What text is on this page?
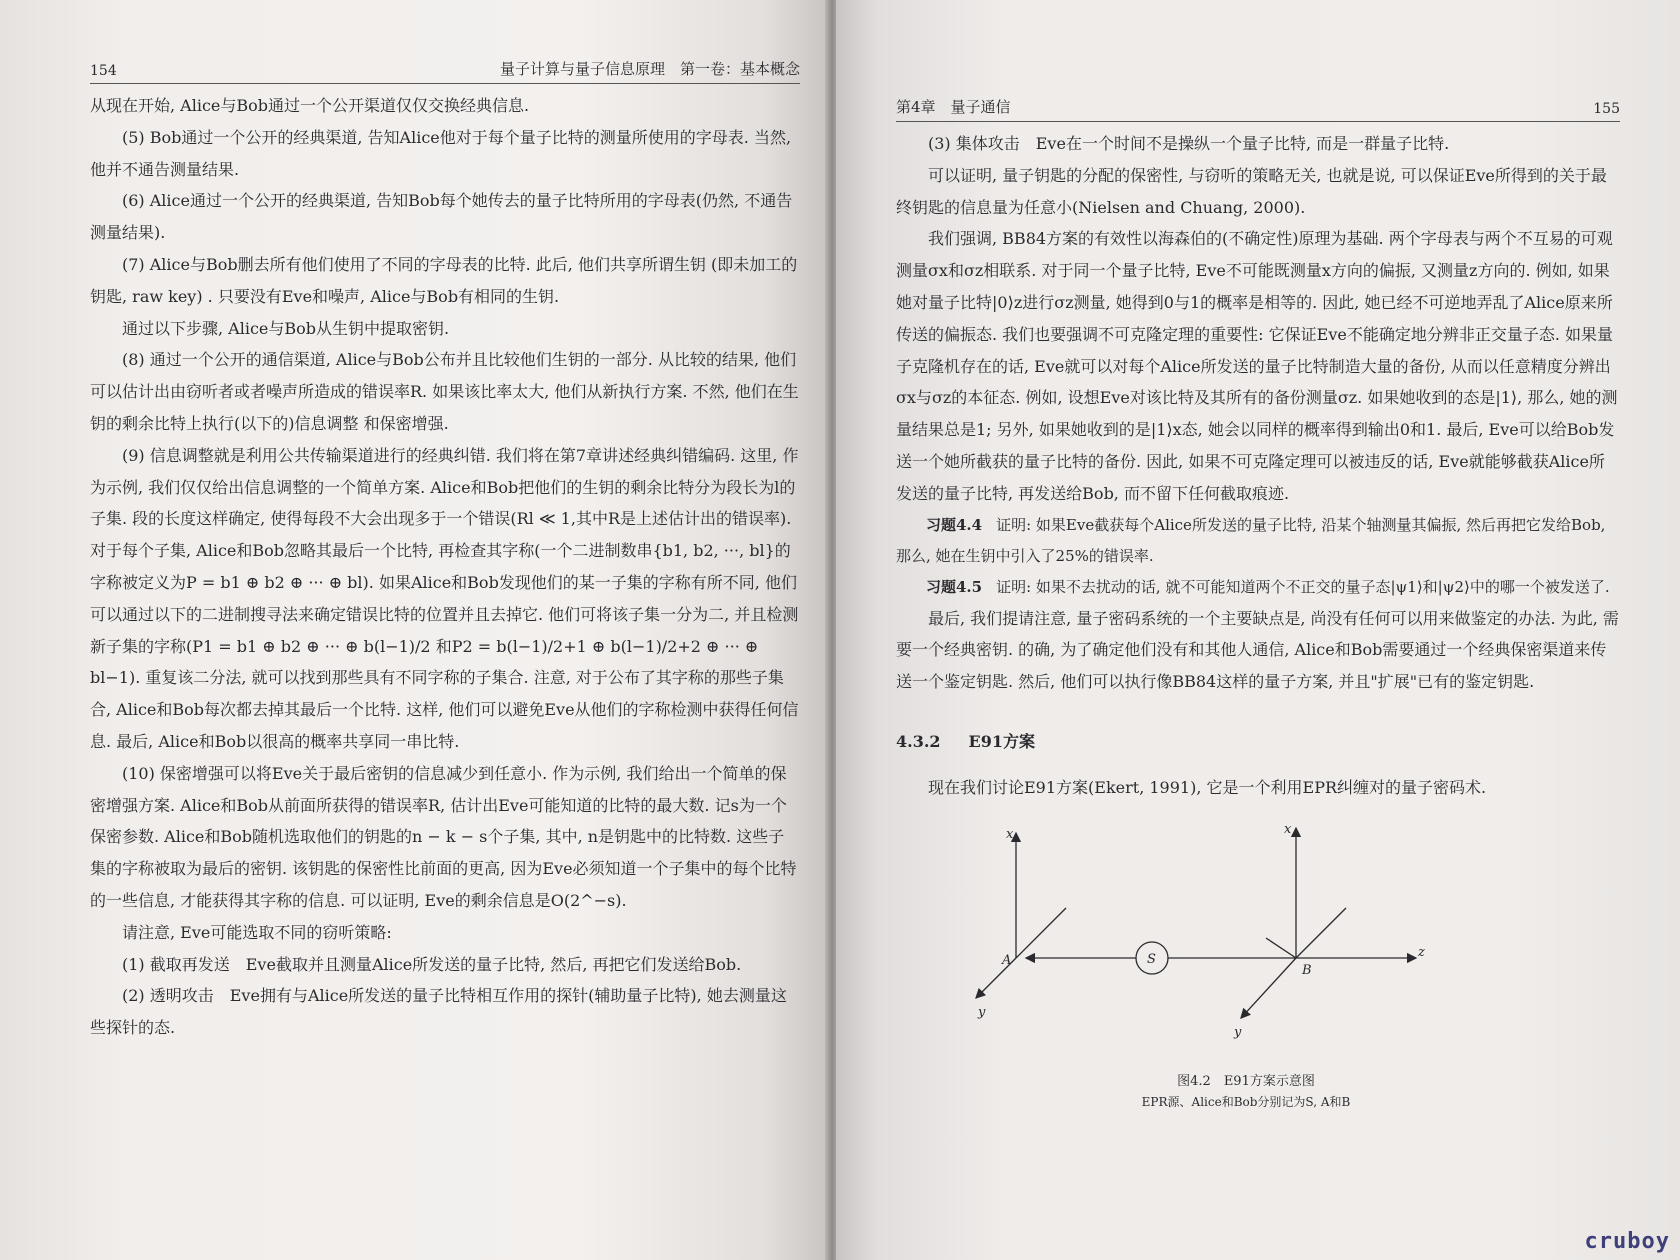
154	量子计算与量子信息原理　第一卷：基本概念

从现在开始, Alice与Bob通过一个公开渠道仅仅交换经典信息.

(5) Bob通过一个公开的经典渠道, 告知Alice他对于每个量子比特的测量所使用的字母表. 当然, 他并不通告测量结果.

(6) Alice通过一个公开的经典渠道, 告知Bob每个她传去的量子比特所用的字母表(仍然, 不通告测量结果).

(7) Alice与Bob删去所有他们使用了不同的字母表的比特. 此后, 他们共享所谓生钥 (即未加工的钥匙, raw key) . 只要没有Eve和噪声, Alice与Bob有相同的生钥.

通过以下步骤, Alice与Bob从生钥中提取密钥.

(8) 通过一个公开的通信渠道, Alice与Bob公布并且比较他们生钥的一部分. 从比较的结果, 他们可以估计出由窃听者或者噪声所造成的错误率R. 如果该比率太大, 他们从新执行方案. 不然, 他们在生钥的剩余比特上执行(以下的)信息调整 和保密增强.

(9) 信息调整就是利用公共传输渠道进行的经典纠错. 我们将在第7章讲述经典纠错编码. 这里, 作为示例, 我们仅仅给出信息调整的一个简单方案. Alice和Bob把他们的生钥的剩余比特分为段长为l的子集. 段的长度这样确定, 使得每段不大会出现多于一个错误(Rl ≪ 1,其中R是上述估计出的错误率). 对于每个子集, Alice和Bob忽略其最后一个比特, 再检查其字称(一个二进制数串{b1, b2, ···, bl}的字称被定义为P = b1 ⊕ b2 ⊕ ··· ⊕ bl). 如果Alice和Bob发现他们的某一子集的字称有所不同, 他们可以通过以下的二进制搜寻法来确定错误比特的位置并且去掉它. 他们可将该子集一分为二, 并且检测新子集的字称(P1 = b1 ⊕ b2 ⊕ ··· ⊕ b(l−1)/2 和P2 = b(l−1)/2+1 ⊕ b(l−1)/2+2 ⊕ ··· ⊕ bl−1). 重复该二分法, 就可以找到那些具有不同字称的子集合. 注意, 对于公布了其字称的那些子集合, Alice和Bob每次都去掉其最后一个比特. 这样, 他们可以避免Eve从他们的字称检测中获得任何信息. 最后, Alice和Bob以很高的概率共享同一串比特.

(10) 保密增强可以将Eve关于最后密钥的信息减少到任意小. 作为示例, 我们给出一个简单的保密增强方案. Alice和Bob从前面所获得的错误率R, 估计出Eve可能知道的比特的最大数. 记s为一个保密参数. Alice和Bob随机选取他们的钥匙的n − k − s个子集, 其中, n是钥匙中的比特数. 这些子集的字称被取为最后的密钥. 该钥匙的保密性比前面的更高, 因为Eve必须知道一个子集中的每个比特的一些信息, 才能获得其字称的信息. 可以证明, Eve的剩余信息是O(2^−s).

请注意, Eve可能选取不同的窃听策略:

(1) 截取再发送　Eve截取并且测量Alice所发送的量子比特, 然后, 再把它们发送给Bob.

(2) 透明攻击　Eve拥有与Alice所发送的量子比特相互作用的探针(辅助量子比特), 她去测量这些探针的态.

第4章　量子通信	155

(3) 集体攻击　Eve在一个时间不是操纵一个量子比特, 而是一群量子比特.

可以证明, 量子钥匙的分配的保密性, 与窃听的策略无关, 也就是说, 可以保证Eve所得到的关于最终钥匙的信息量为任意小(Nielsen and Chuang, 2000).

我们强调, BB84方案的有效性以海森伯的(不确定性)原理为基础. 两个字母表与两个不互易的可观测量σx和σz相联系. 对于同一个量子比特, Eve不可能既测量x方向的偏振, 又测量z方向的. 例如, 如果她对量子比特|0⟩z进行σz测量, 她得到0与1的概率是相等的. 因此, 她已经不可逆地弄乱了Alice原来所传送的偏振态. 我们也要强调不可克隆定理的重要性: 它保证Eve不能确定地分辨非正交量子态. 如果量子克隆机存在的话, Eve就可以对每个Alice所发送的量子比特制造大量的备份, 从而以任意精度分辨出σx与σz的本征态. 例如, 设想Eve对该比特及其所有的备份测量σz. 如果她收到的态是|1⟩, 那么, 她的测量结果总是1; 另外, 如果她收到的是|1⟩x态, 她会以同样的概率得到输出0和1. 最后, Eve可以给Bob发送一个她所截获的量子比特的备份. 因此, 如果不可克隆定理可以被违反的话, Eve就能够截获Alice所发送的量子比特, 再发送给Bob, 而不留下任何截取痕迹.

习题4.4 证明: 如果Eve截获每个Alice所发送的量子比特, 沿某个轴测量其偏振, 然后再把它发给Bob, 那么, 她在生钥中引入了25%的错误率.

习题4.5 证明: 如果不去扰动的话, 就不可能知道两个不正交的量子态|ψ1⟩和|ψ2⟩中的哪一个被发送了.

最后, 我们提请注意, 量子密码系统的一个主要缺点是, 尚没有任何可以用来做鉴定的办法. 为此, 需要一个经典密钥. 的确, 为了确定他们没有和其他人通信, Alice和Bob需要通过一个经典保密渠道来传送一个鉴定钥匙. 然后, 他们可以执行像BB84这样的量子方案, 并且"扩展"已有的鉴定钥匙.

4.3.2 E91方案

现在我们讨论E91方案(Ekert, 1991), 它是一个利用EPR纠缠对的量子密码术.

x	x
y
y
z
A
B
S
图4.2　E91方案示意图
EPR源、Alice和Bob分别记为S, A和B
cruboy
